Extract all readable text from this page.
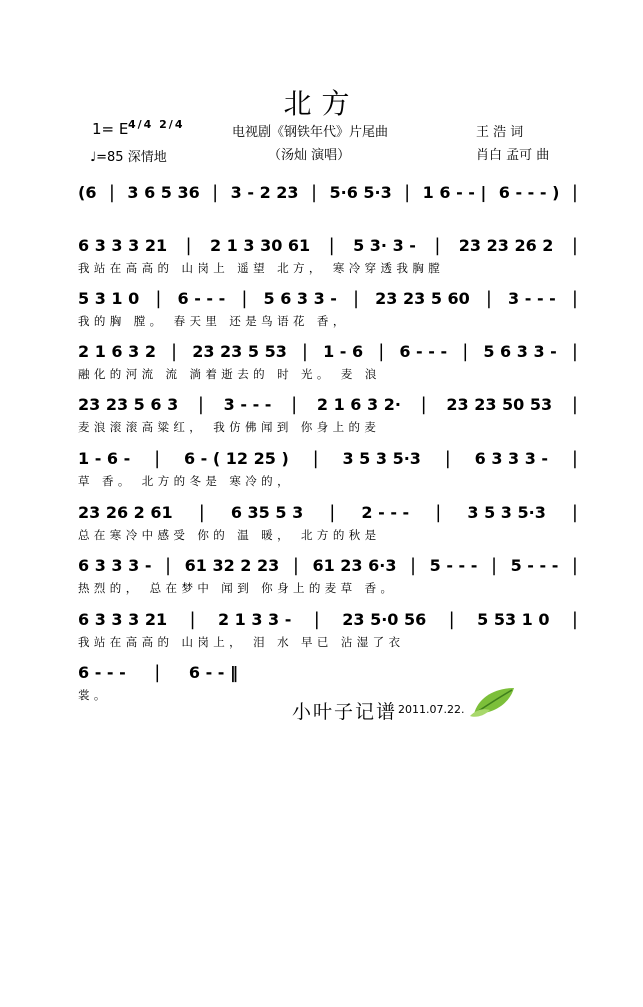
北方
1= E 4/4 2/4
♩=85 深情地
电视剧《钢铁年代》片尾曲
（汤灿 演唱）
王 浩 词
肖白 孟可 曲
(6 | 3 6 5 36 | 3 - 2 23 | 5·6 5·3 | 1 6 - - | 6 - - - ) |
6 3 3 3 21 | 2 1 3 30 61 | 5 3· 3 - | 23 23 26 2 |
我站在高高的 山岗上 遥望 北方， 寒冷穿透我胸膛
5 3 1 0 | 6 - - - | 5 6 3 3 - | 23 23 5 60 | 3 - - - |
我的胸 膛。 春天里 还是鸟语花 香，
2 1 6 3 2 | 23 23 5 53 | 1 - 6 | 6 - - - | 5 6 3 3 - |
融化的河流 流 淌着逝去的 时 光。 麦 浪
23 23 5 6 3 | 3 - - - | 2 1 6 3 2· | 23 23 50 53 |
麦浪滚滚高粱红， 我仿佛闻到 你身上的麦
1 - 6 - | 6 - ( 12 25 ) | 3 5 3 5·3 | 6 3 3 3 - |
草 香。 北方的冬是 寒冷的，
23 26 2 61 | 6 35 5 3 | 2 - - - | 3 5 3 5·3 |
总在寒冷中感受 你的 温 暖， 北方的秋是
6 3 3 3 - | 61 32 2 23 | 61 23 6·3 | 5 - - - | 5 - - - |
热烈的， 总在梦中 闻到 你身上的麦草 香。
6 3 3 3 21 | 2 1 3 3 - | 23 5·0 56 | 5 53 1 0 |
我站在高高的 山岗上， 泪 水 早已 沾湿了衣
6 - - - | 6 - - ‖
裳。
小叶子记谱 2011.07.22.
